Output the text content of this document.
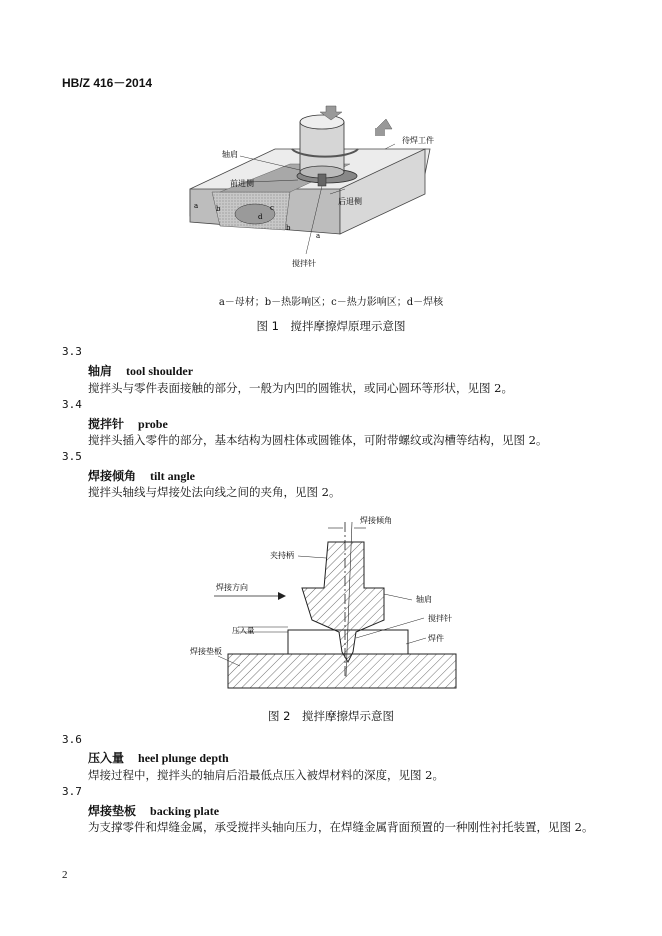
HB/Z 416－2014
轴肩
前进侧
待焊工件
后退侧
搅拌针
a	b	c
d
b
a
a－母材；b－热影响区；c－热力影响区；d－焊核
图 1　搅拌摩擦焊原理示意图
3.3
轴肩 tool shoulder
搅拌头与零件表面接触的部分，一般为内凹的圆锥状，或同心圆环等形状，见图 2。
3.4
搅拌针 probe
搅拌头插入零件的部分，基本结构为圆柱体或圆锥体，可附带螺纹或沟槽等结构，见图 2。
3.5
焊接倾角 tilt angle
搅拌头轴线与焊接处法向线之间的夹角，见图 2。
焊接倾角
夹持柄
焊接方向
轴肩
搅拌针
压入量
焊件
焊接垫板
图 2　搅拌摩擦焊示意图
3.6
压入量 heel plunge depth
焊接过程中，搅拌头的轴肩后沿最低点压入被焊材料的深度，见图 2。
3.7
焊接垫板 backing plate
为支撑零件和焊缝金属，承受搅拌头轴向压力，在焊缝金属背面预置的一种刚性衬托装置，见图 2。
2
